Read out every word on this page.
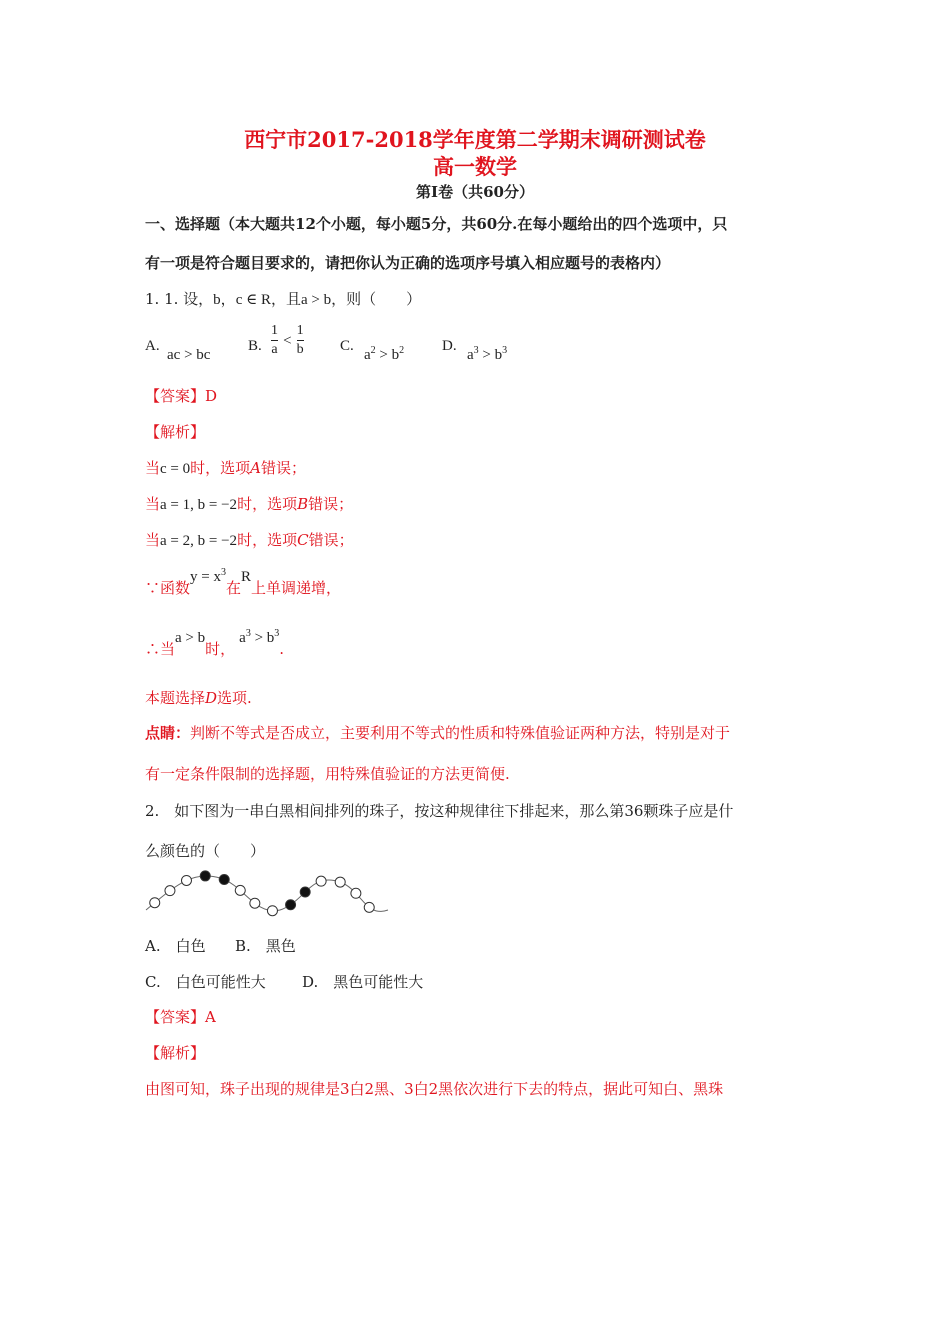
西宁市2017-2018学年度第二学期末调研测试卷
高一数学
第Ⅰ卷（共60分）
一、选择题（本大题共12个小题，每小题5分，共60分.在每小题给出的四个选项中，只
有一项是符合题目要求的，请把你认为正确的选项序号填入相应题号的表格内）
1. 1. 设，b，c ∈ R，且a > b，则（　　）
A.
ac > bc
B. $\frac{1}{a} < \frac{1}{b} C$.
$a^2 > b^2$	D.
$a^3 > b^3$
【答案】D
【解析】
当c = 0时，选项A错误；
当a = 1, b = −2时，选项B错误；
当a = 2, b = −2时，选项C错误；
∵函数$y = x^3$在R上单调递增，
∴当a > b时，$a^3 > b^3$.
本题选择D选项.
点睛：判断不等式是否成立，主要利用不等式的性质和特殊值验证两种方法，特别是对于
有一定条件限制的选择题，用特殊值验证的方法更简便.
2.　如下图为一串白黑相间排列的珠子，按这种规律往下排起来，那么第36颗珠子应是什
么颜色的（　　）
A.　白色 B.　黑色
C.　白色可能性大 D.　黑色可能性大
【答案】A
【解析】
由图可知，珠子出现的规律是3白2黑、3白2黑依次进行下去的特点，据此可知白、黑珠
